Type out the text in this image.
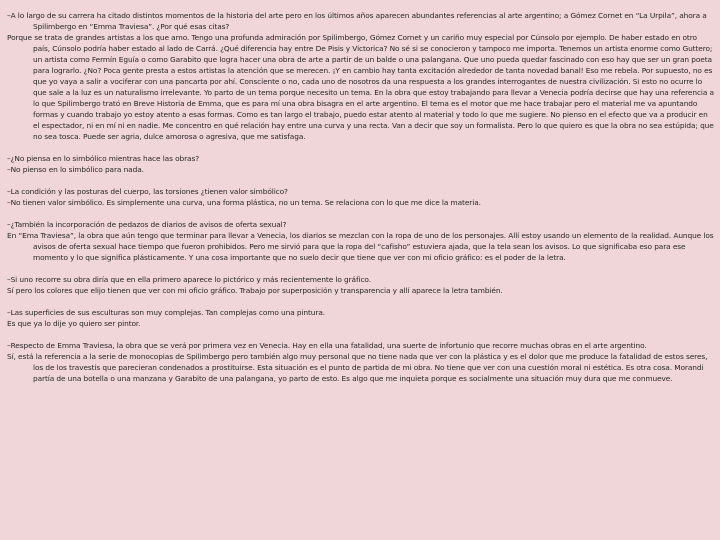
–A lo largo de su carrera ha citado distintos momentos de la historia del arte pero en los últimos años aparecen abundantes referencias al arte argentino; a Gómez Cornet en “La Urpila”, ahora a Spilimbergo en “Emma Traviesa”. ¿Por qué esas citas?

Porque se trata de grandes artistas a los que amo. Tengo una profunda admiración por Spilimbergo, Gómez Cornet y un cariño muy especial por Cúnsolo por ejemplo. De haber estado en otro país, Cúnsolo podría haber estado al lado de Carrá. ¿Qué diferencia hay entre De Pisis y Victorica? No sé si se conocieron y tampoco me importa. Tenemos un artista enorme como Guttero; un artista como Fermín Eguía o como Garabito que logra hacer una obra de arte a partir de un balde o una palangana. Que uno pueda quedar fascinado con eso hay que ser un gran poeta para lograrlo. ¿No? Poca gente presta a estos artistas la atención que se merecen. ¡Y en cambio hay tanta excitación alrededor de tanta novedad banal! Eso me rebela. Por supuesto, no es que yo vaya a salir a vociferar con una pancarta por ahí. Consciente o no, cada uno de nosotros da una respuesta a los grandes interrogantes de nuestra civilización. Si esto no ocurre lo que sale a la luz es un naturalismo irrelevante. Yo parto de un tema porque necesito un tema. En la obra que estoy trabajando para llevar a Venecia podría decirse que hay una referencia a lo que Spilimbergo trató en Breve Historia de Emma, que es para mí una obra bisagra en el arte argentino. El tema es el motor que me hace trabajar pero el material me va apuntando formas y cuando trabajo yo estoy atento a esas formas. Como es tan largo el trabajo, puedo estar atento al material y todo lo que me sugiere. No pienso en el efecto que va a producir en el espectador, ni en mí ni en nadie. Me concentro en qué relación hay entre una curva y una recta. Van a decir que soy un formalista. Pero lo que quiero es que la obra no sea estúpida; que no sea tosca. Puede ser agria, dulce amorosa o agresiva, que me satisfaga.

–¿No piensa en lo simbólico mientras hace las obras?

–No pienso en lo simbólico para nada.

–La condición y las posturas del cuerpo, las torsiones ¿tienen valor simbólico?

–No tienen valor simbólico. Es simplemente una curva, una forma plástica, no un tema. Se relaciona con lo que me dice la materia.

–¿También la incorporación de pedazos de diarios de avisos de oferta sexual?

En “Ema Traviesa”, la obra que aún tengo que terminar para llevar a Venecia, los diarios se mezclan con la ropa de uno de los personajes. Allí estoy usando un elemento de la realidad. Aunque los avisos de oferta sexual hace tiempo que fueron prohibidos. Pero me sirvió para que la ropa del “cafisho” estuviera ajada, que la tela sean los avisos. Lo que significaba eso para ese momento y lo que significa plásticamente. Y una cosa importante que no suelo decir que tiene que ver con mi oficio gráfico: es el poder de la letra.

–Si uno recorre su obra diría que en ella primero aparece lo pictórico y más recientemente lo gráfico.

Sí pero los colores que elijo tienen que ver con mi oficio gráfico. Trabajo por superposición y transparencia y allí aparece la letra también.

–Las superficies de sus esculturas son muy complejas. Tan complejas como una pintura.

Es que ya lo dije yo quiero ser pintor.

–Respecto de Emma Traviesa, la obra que se verá por primera vez en Venecia. Hay en ella una fatalidad, una suerte de infortunio que recorre muchas obras en el arte argentino.

Sí, está la referencia a la serie de monocopias de Spilimbergo pero también algo muy personal que no tiene nada que ver con la plástica y es el dolor que me produce la fatalidad de estos seres, los de los travestis que parecieran condenados a prostituirse. Esta situación es el punto de partida de mi obra. No tiene que ver con una cuestión moral ni estética. Es otra cosa. Morandi partía de una botella o una manzana y Garabito de una palangana, yo parto de esto. Es algo que me inquieta porque es socialmente una situación muy dura que me conmueve.
